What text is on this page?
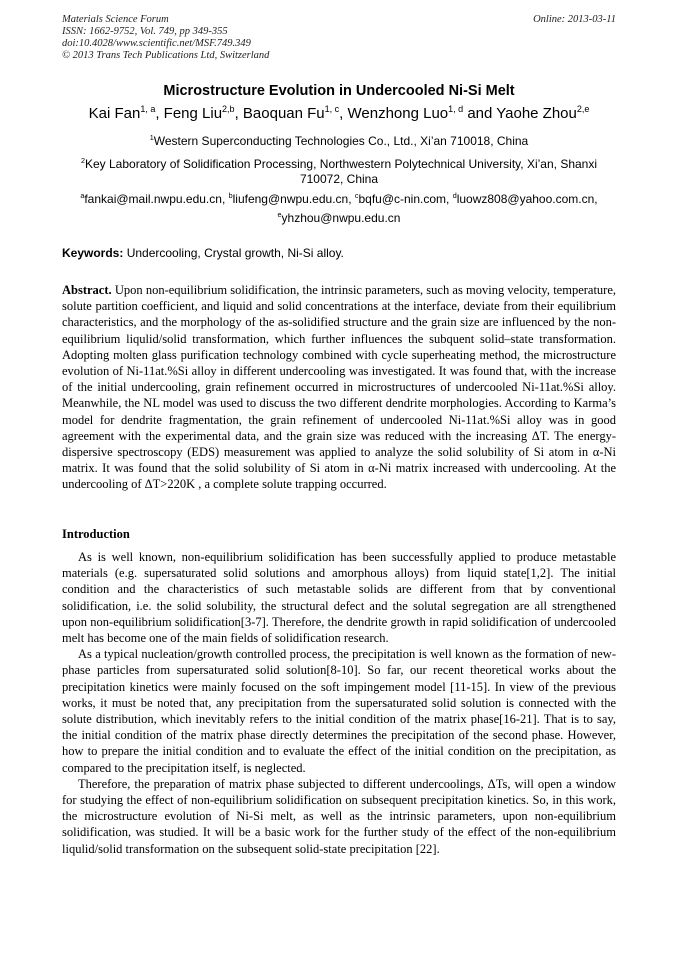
Materials Science Forum
ISSN: 1662-9752, Vol. 749, pp 349-355
doi:10.4028/www.scientific.net/MSF.749.349
© 2013 Trans Tech Publications Ltd, Switzerland
Online: 2013-03-11
Microstructure Evolution in Undercooled Ni-Si Melt
Kai Fan$^{1, a}$, Feng Liu$^{2,b}$, Baoquan Fu$^{1, c}$, Wenzhong Luo$^{1, d}$ and Yaohe Zhou$^{2,e}$
$^1$Western Superconducting Technologies Co., Ltd., Xi’an 710018, China
$^2$Key Laboratory of Solidification Processing, Northwestern Polytechnical University, Xi’an, Shanxi 710072, China
$^a$fankai@mail.nwpu.edu.cn, $^b$liufeng@nwpu.edu.cn, $^c$bqfu@c-nin.com, $^d$luowz808@yahoo.com.cn,
$^e$yhzhou@nwpu.edu.cn
Keywords: Undercooling, Crystal growth, Ni-Si alloy.
Abstract. Upon non-equilibrium solidification, the intrinsic parameters, such as moving velocity, temperature, solute partition coefficient, and liquid and solid concentrations at the interface, deviate from their equilibrium characteristics, and the morphology of the as-solidified structure and the grain size are influenced by the non-equilibrium liqulid/solid transformation, which further influences the subquent solid–state transformation. Adopting molten glass purification technology combined with cycle superheating method, the microstructure evolution of Ni-11at.%Si alloy in different undercooling was investigated. It was found that, with the increase of the initial undercooling, grain refinement occurred in microstructures of undercooled Ni-11at.%Si alloy. Meanwhile, the NL model was used to discuss the two different dendrite morphologies. According to Karma’s model for dendrite fragmentation, the grain refinement of undercooled Ni-11at.%Si alloy was in good agreement with the experimental data, and the grain size was reduced with the increasing ΔT. The energy-dispersive spectroscopy (EDS) measurement was applied to analyze the solid solubility of Si atom in α-Ni matrix. It was found that the solid solubility of Si atom in α-Ni matrix increased with undercooling. At the undercooling of ΔT>220K , a complete solute trapping occurred.
Introduction

As is well known, non-equilibrium solidification has been successfully applied to produce metastable materials (e.g. supersaturated solid solutions and amorphous alloys) from liquid state[1,2]. The initial condition and the characteristics of such metastable solids are different from that by conventional solidification, i.e. the solid solubility, the structural defect and the solutal segregation are all strengthened upon non-equilibrium solidification[3-7]. Therefore, the dendrite growth in rapid solidification of undercooled melt has become one of the main fields of solidification research.

As a typical nucleation/growth controlled process, the precipitation is well known as the formation of new-phase particles from supersaturated solid solution[8-10]. So far, our recent theoretical works about the precipitation kinetics were mainly focused on the soft impingement model [11-15]. In view of the previous works, it must be noted that, any precipitation from the supersaturated solid solution is connected with the solute distribution, which inevitably refers to the initial condition of the matrix phase[16-21]. That is to say, the initial condition of the matrix phase directly determines the precipitation of the second phase. However, how to prepare the initial condition and to evaluate the effect of the initial condition on the precipitation, as compared to the precipitation itself, is neglected.

Therefore, the preparation of matrix phase subjected to different undercoolings, ΔTs, will open a window for studying the effect of non-equilibrium solidification on subsequent precipitation kinetics. So, in this work, the microstructure evolution of Ni-Si melt, as well as the intrinsic parameters, upon non-equilibrium solidification, was studied. It will be a basic work for the further study of the effect of the non-equilibrium liqulid/solid transformation on the subsequent solid-state precipitation [22].
